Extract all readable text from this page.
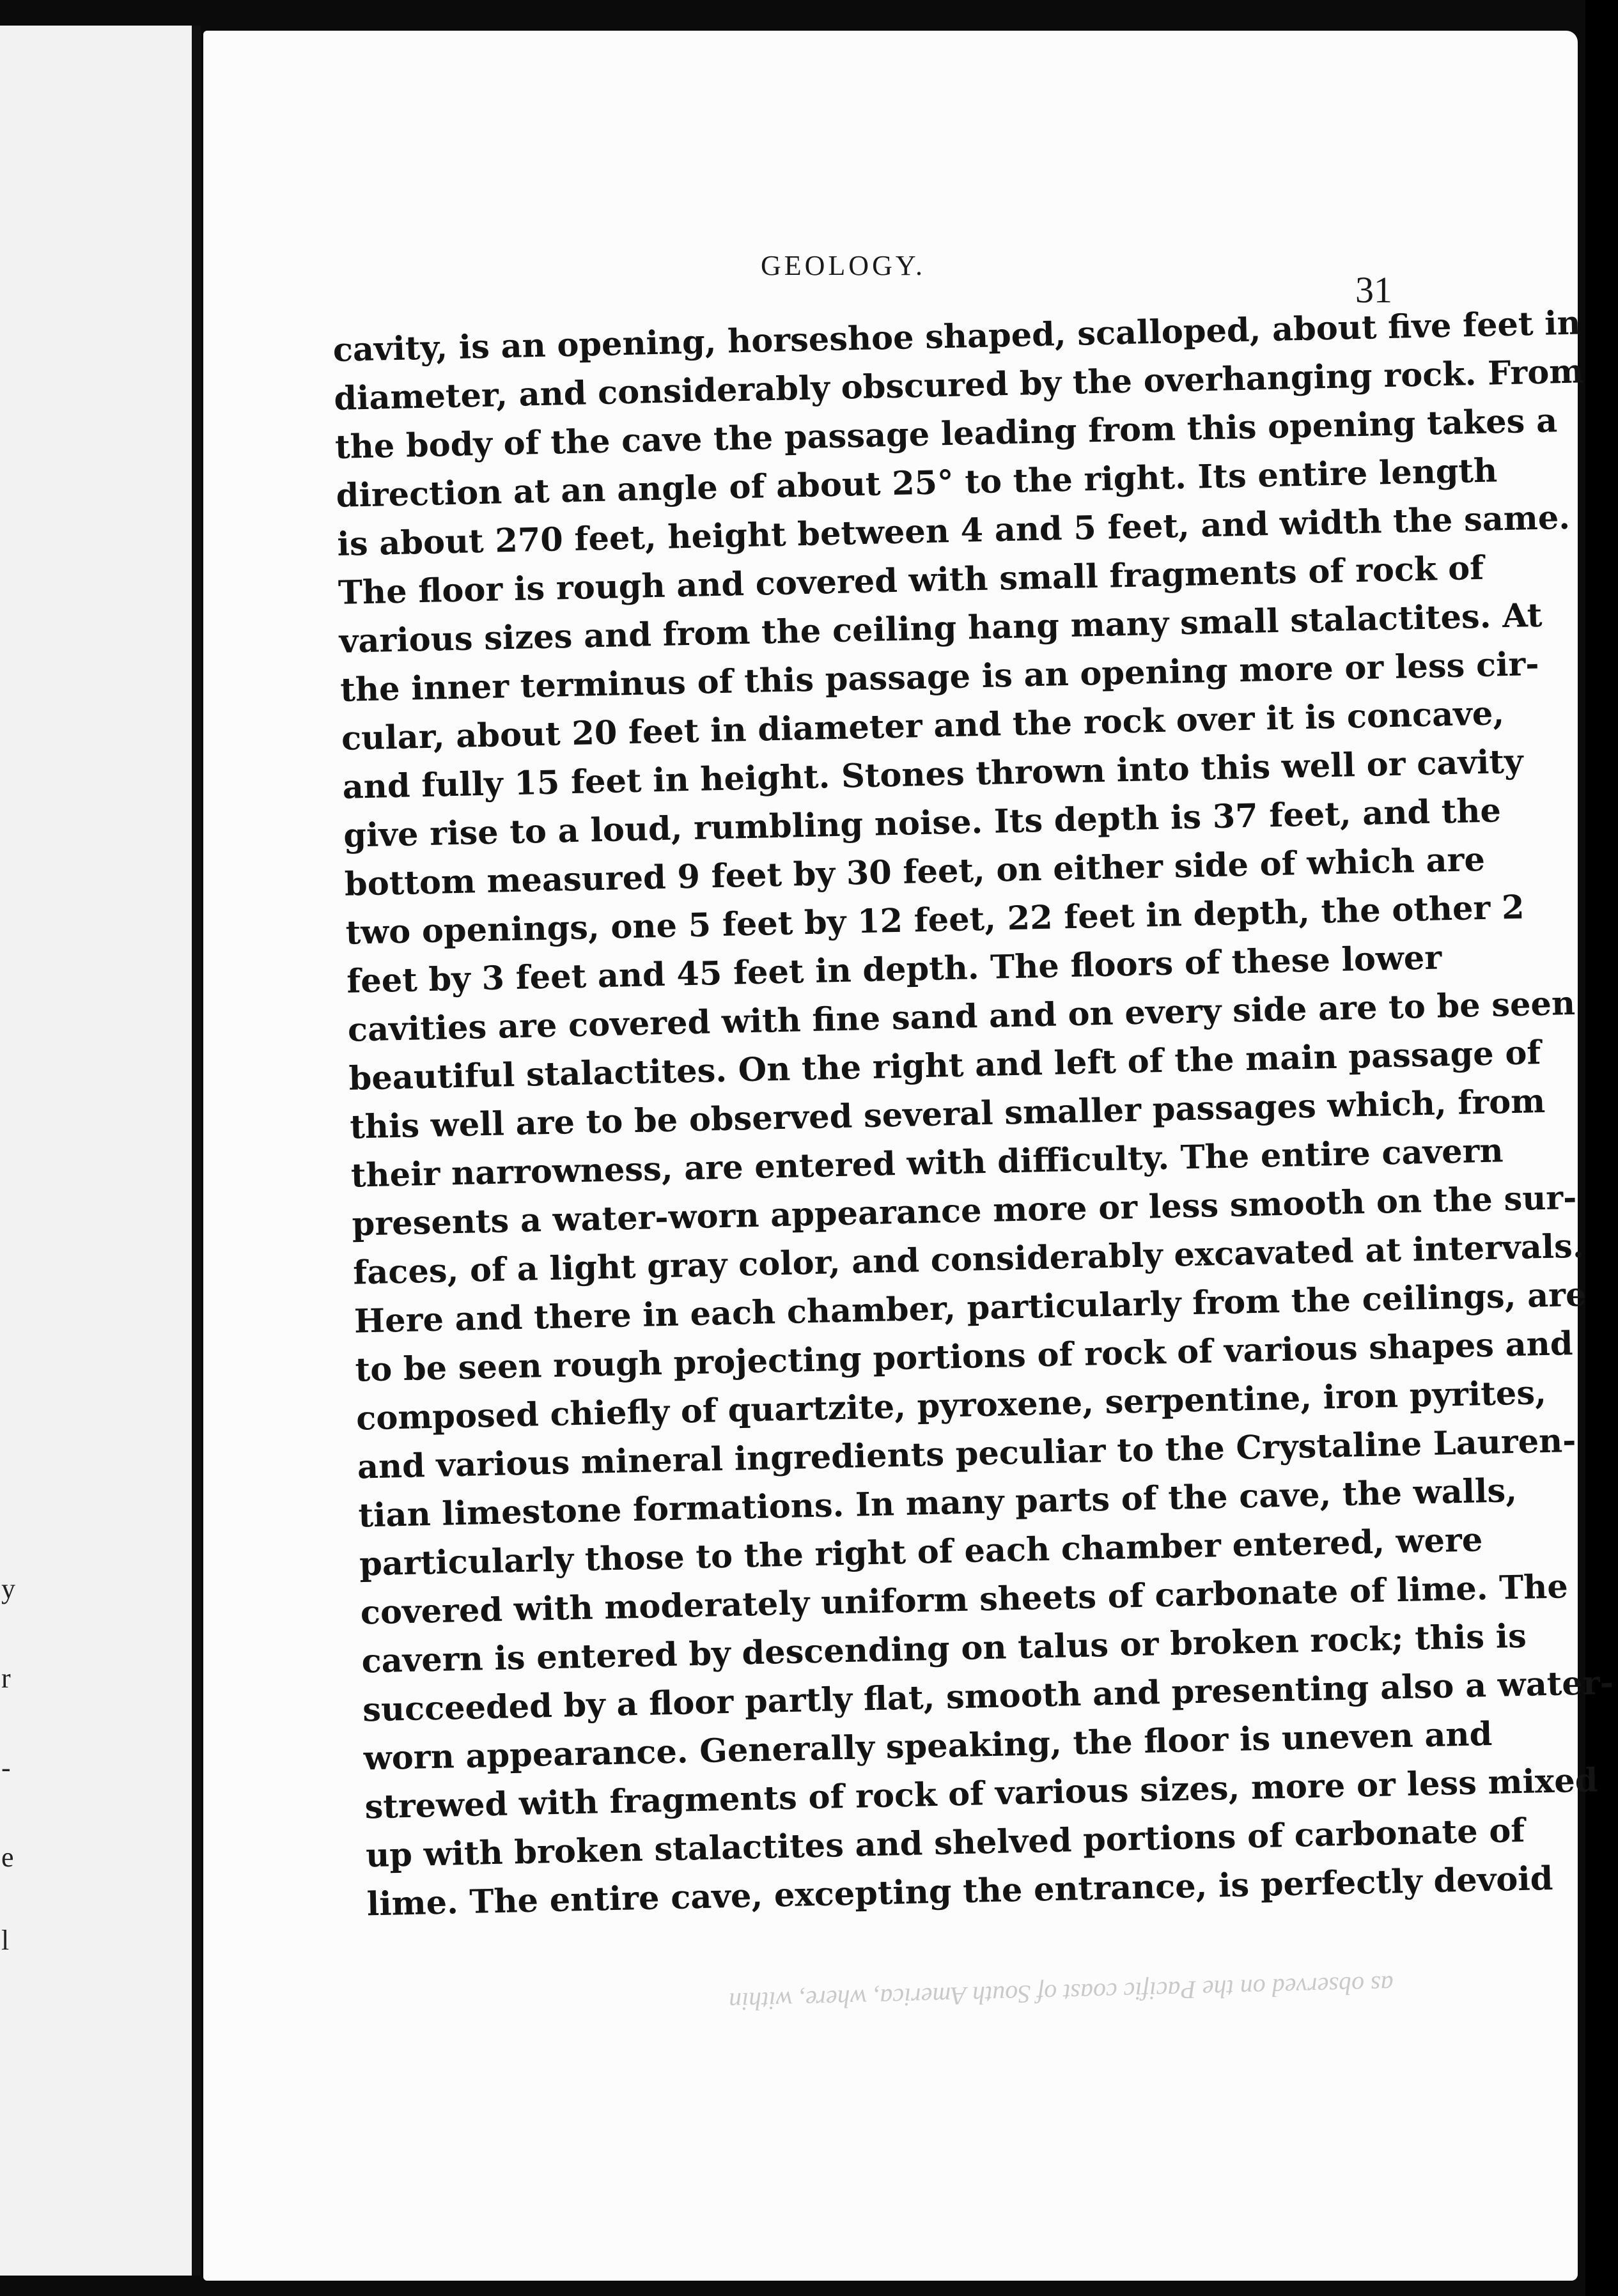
y
r
-
e
l
GEOLOGY.
31
as observed on the Pacific coast of South America, where, within
cavity, is an opening, horseshoe shaped, scalloped, about five feet in
diameter, and considerably obscured by the overhanging rock. From
the body of the cave the passage leading from this opening takes a
direction at an angle of about 25° to the right. Its entire length
is about 270 feet, height between 4 and 5 feet, and width the same.
The floor is rough and covered with small fragments of rock of
various sizes and from the ceiling hang many small stalactites. At
the inner terminus of this passage is an opening more or less cir-
cular, about 20 feet in diameter and the rock over it is concave,
and fully 15 feet in height. Stones thrown into this well or cavity
give rise to a loud, rumbling noise. Its depth is 37 feet, and the
bottom measured 9 feet by 30 feet, on either side of which are
two openings, one 5 feet by 12 feet, 22 feet in depth, the other 2
feet by 3 feet and 45 feet in depth. The floors of these lower
cavities are covered with fine sand and on every side are to be seen
beautiful stalactites. On the right and left of the main passage of
this well are to be observed several smaller passages which, from
their narrowness, are entered with difficulty. The entire cavern
presents a water-worn appearance more or less smooth on the sur-
faces, of a light gray color, and considerably excavated at intervals.
Here and there in each chamber, particularly from the ceilings, are
to be seen rough projecting portions of rock of various shapes and
composed chiefly of quartzite, pyroxene, serpentine, iron pyrites,
and various mineral ingredients peculiar to the Crystaline Lauren-
tian limestone formations. In many parts of the cave, the walls,
particularly those to the right of each chamber entered, were
covered with moderately uniform sheets of carbonate of lime. The
cavern is entered by descending on talus or broken rock; this is
succeeded by a floor partly flat, smooth and presenting also a water-
worn appearance. Generally speaking, the floor is uneven and
strewed with fragments of rock of various sizes, more or less mixed
up with broken stalactites and shelved portions of carbonate of
lime. The entire cave, excepting the entrance, is perfectly devoid
